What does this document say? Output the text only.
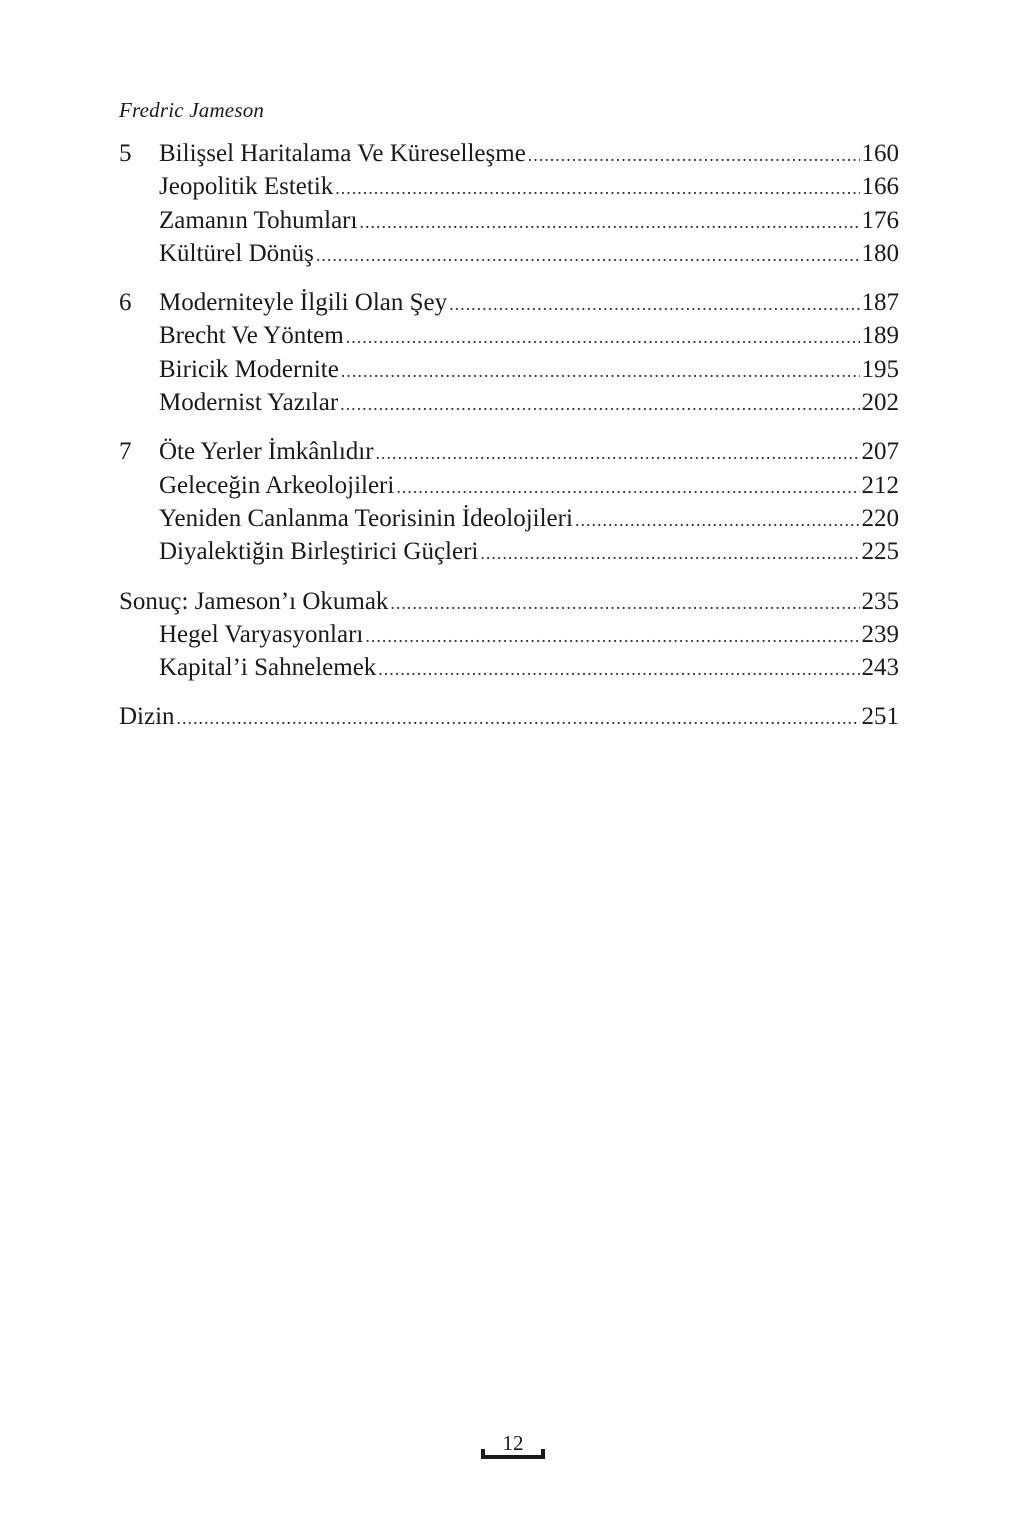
Fredric Jameson
5	Bilişsel Haritalama Ve Küreselleşme .....	160
Jeopolitik Estetik .....	166
Zamanın Tohumları .....	176
Kültürel Dönüş .....	180
6	Moderniteyle İlgili Olan Şey .....	187
Brecht Ve Yöntem .....	189
Biricik Modernite .....	195
Modernist Yazılar .....	202
7	Öte Yerler İmkânlıdır .....	207
Geleceğin Arkeolojileri .....	212
Yeniden Canlanma Teorisinin İdeolojileri .....	220
Diyalektiğin Birleştirici Güçleri .....	225
Sonuç: Jameson’ı Okumak .....	235
Hegel Varyasyonları .....	239
Kapital’i Sahnelemek .....	243
Dizin .....	251
12
